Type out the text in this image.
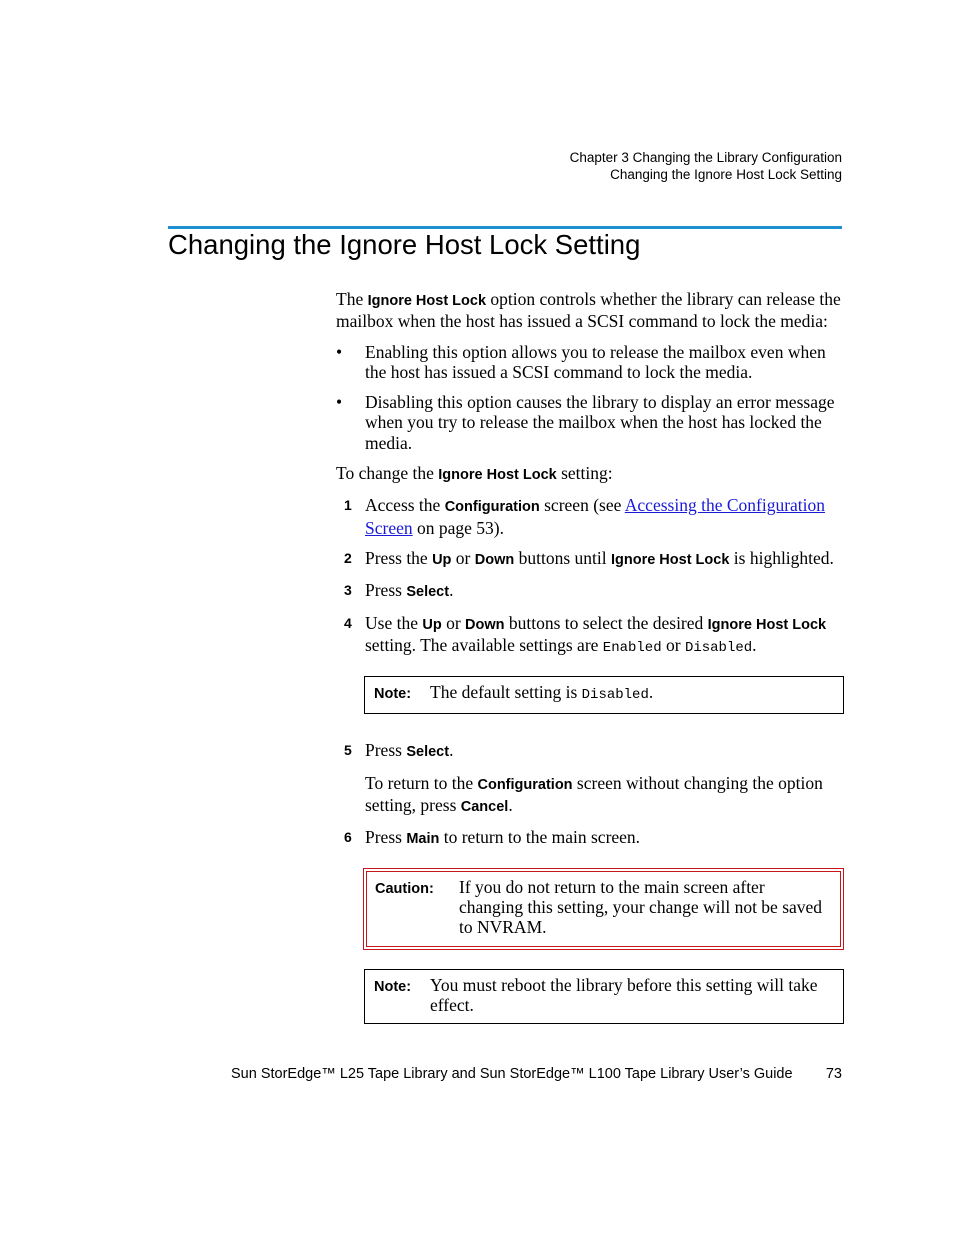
Chapter 3 Changing the Library Configuration
Changing the Ignore Host Lock Setting
Changing the Ignore Host Lock Setting

The Ignore Host Lock option controls whether the library can release the mailbox when the host has issued a SCSI command to lock the media:

• Enabling this option allows you to release the mailbox even when the host has issued a SCSI command to lock the media.
• Disabling this option causes the library to display an error message when you try to release the mailbox when the host has locked the media.

To change the Ignore Host Lock setting:

1 Access the Configuration screen (see Accessing the Configuration Screen on page 53).
2 Press the Up or Down buttons until Ignore Host Lock is highlighted.
3 Press Select.
4 Use the Up or Down buttons to select the desired Ignore Host Lock setting. The available settings are Enabled or Disabled.
Note:	The default setting is Disabled.
5 Press Select.

To return to the Configuration screen without changing the option setting, press Cancel.

6 Press Main to return to the main screen.
Caution:	If you do not return to the main screen after changing this setting, your change will not be saved to NVRAM.
Note:	You must reboot the library before this setting will take effect.
Sun StorEdge™ L25 Tape Library and Sun StorEdge™ L100 Tape Library User’s Guide 73
